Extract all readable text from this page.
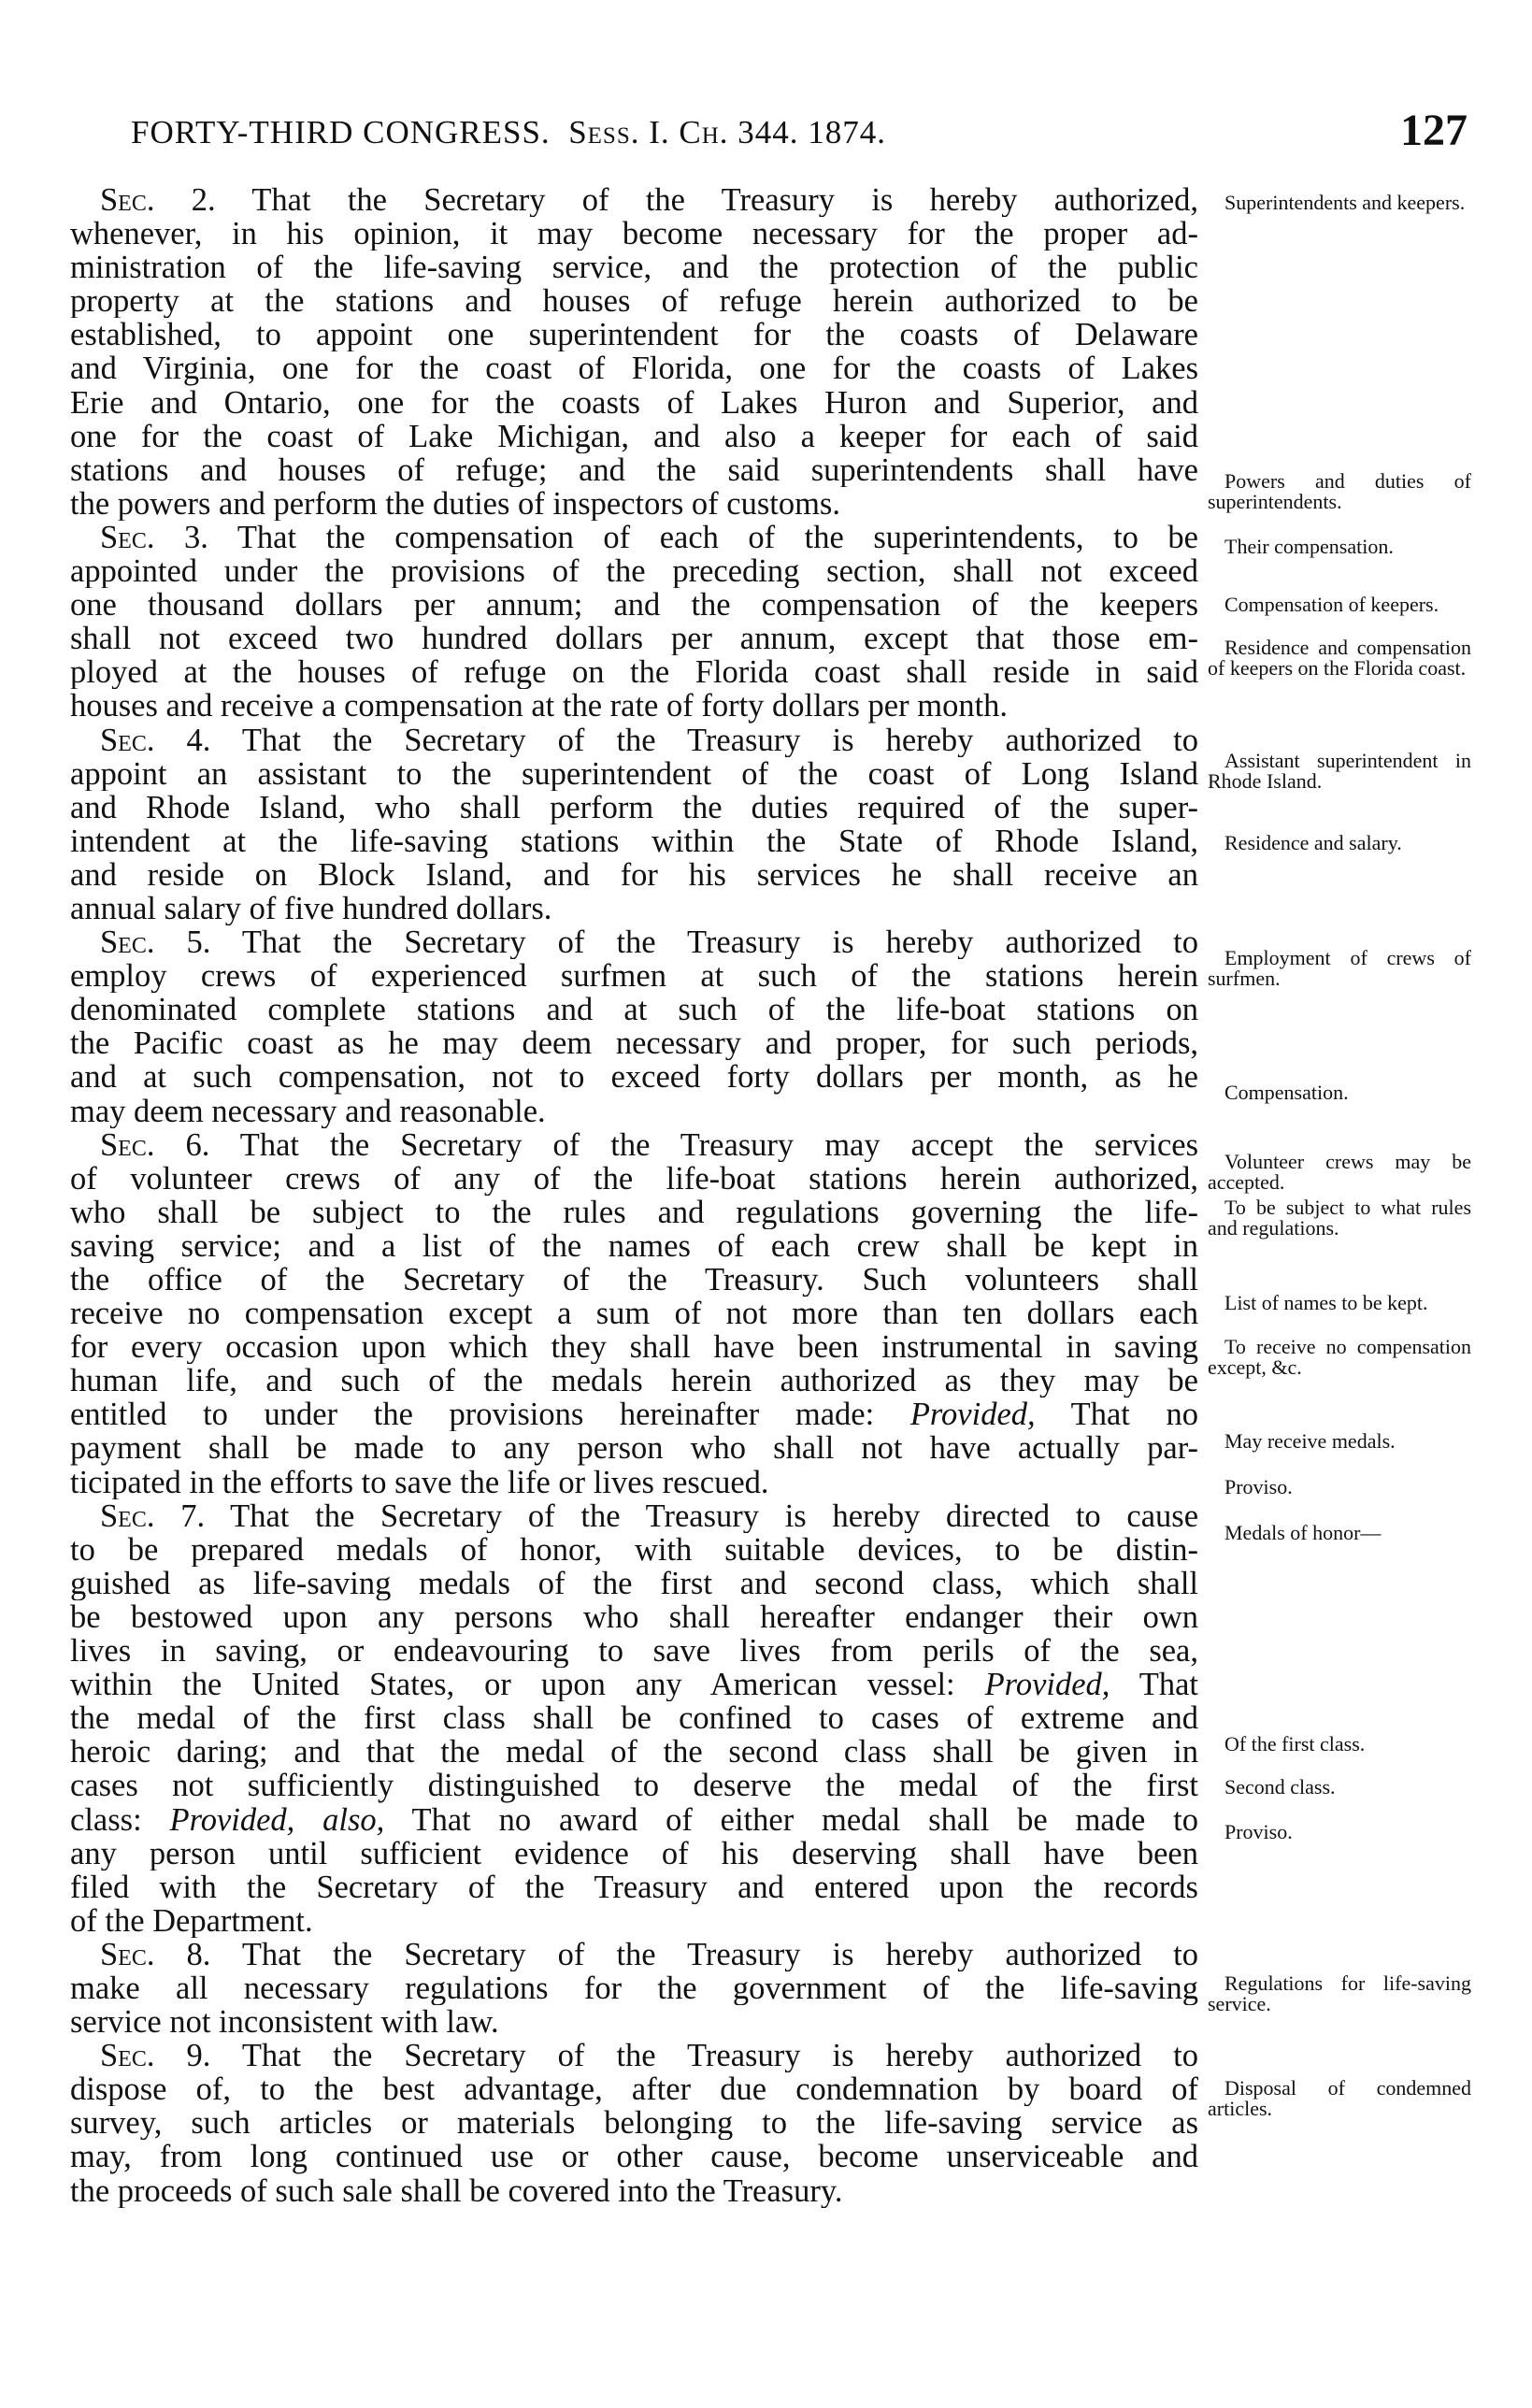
FORTY-THIRD CONGRESS. Sess. I. Ch. 344. 1874.	127
Sec. 2. That the Secretary of the Treasury is hereby authorized,
whenever, in his opinion, it may become necessary for the proper ad-
ministration of the life-saving service, and the protection of the public
property at the stations and houses of refuge herein authorized to be
established, to appoint one superintendent for the coasts of Delaware
and Virginia, one for the coast of Florida, one for the coasts of Lakes
Erie and Ontario, one for the coasts of Lakes Huron and Superior, and
one for the coast of Lake Michigan, and also a keeper for each of said
stations and houses of refuge; and the said superintendents shall have
the powers and perform the duties of inspectors of customs.
Sec. 3. That the compensation of each of the superintendents, to be
appointed under the provisions of the preceding section, shall not exceed
one thousand dollars per annum; and the compensation of the keepers
shall not exceed two hundred dollars per annum, except that those em-
ployed at the houses of refuge on the Florida coast shall reside in said
houses and receive a compensation at the rate of forty dollars per month.
Sec. 4. That the Secretary of the Treasury is hereby authorized to
appoint an assistant to the superintendent of the coast of Long Island
and Rhode Island, who shall perform the duties required of the super-
intendent at the life-saving stations within the State of Rhode Island,
and reside on Block Island, and for his services he shall receive an
annual salary of five hundred dollars.
Sec. 5. That the Secretary of the Treasury is hereby authorized to
employ crews of experienced surfmen at such of the stations herein
denominated complete stations and at such of the life-boat stations on
the Pacific coast as he may deem necessary and proper, for such periods,
and at such compensation, not to exceed forty dollars per month, as he
may deem necessary and reasonable.
Sec. 6. That the Secretary of the Treasury may accept the services
of volunteer crews of any of the life-boat stations herein authorized,
who shall be subject to the rules and regulations governing the life-
saving service; and a list of the names of each crew shall be kept in
the office of the Secretary of the Treasury. Such volunteers shall
receive no compensation except a sum of not more than ten dollars each
for every occasion upon which they shall have been instrumental in saving
human life, and such of the medals herein authorized as they may be
entitled to under the provisions hereinafter made: Provided, That no
payment shall be made to any person who shall not have actually par-
ticipated in the efforts to save the life or lives rescued.
Sec. 7. That the Secretary of the Treasury is hereby directed to cause
to be prepared medals of honor, with suitable devices, to be distin-
guished as life-saving medals of the first and second class, which shall
be bestowed upon any persons who shall hereafter endanger their own
lives in saving, or endeavouring to save lives from perils of the sea,
within the United States, or upon any American vessel: Provided, That
the medal of the first class shall be confined to cases of extreme and
heroic daring; and that the medal of the second class shall be given in
cases not sufficiently distinguished to deserve the medal of the first
class: Provided, also, That no award of either medal shall be made to
any person until sufficient evidence of his deserving shall have been
filed with the Secretary of the Treasury and entered upon the records
of the Department.
Sec. 8. That the Secretary of the Treasury is hereby authorized to
make all necessary regulations for the government of the life-saving
service not inconsistent with law.
Sec. 9. That the Secretary of the Treasury is hereby authorized to
dispose of, to the best advantage, after due condemnation by board of
survey, such articles or materials belonging to the life-saving service as
may, from long continued use or other cause, become unserviceable and
the proceeds of such sale shall be covered into the Treasury.
Superintendents and keepers.
Powers and duties of superintendents.
Their compensation.
Compensation of keepers.
Residence and compensation of keepers on the Florida coast.
Assistant superintendent in Rhode Island.
Residence and salary.
Employment of crews of surfmen.
Compensation.
Volunteer crews may be accepted.
To be subject to what rules and regulations.
List of names to be kept.
To receive no compensation except, &c.
May receive medals.
Proviso.
Medals of honor—
Of the first class.
Second class.
Proviso.
Regulations for life-saving service.
Disposal of condemned articles.
